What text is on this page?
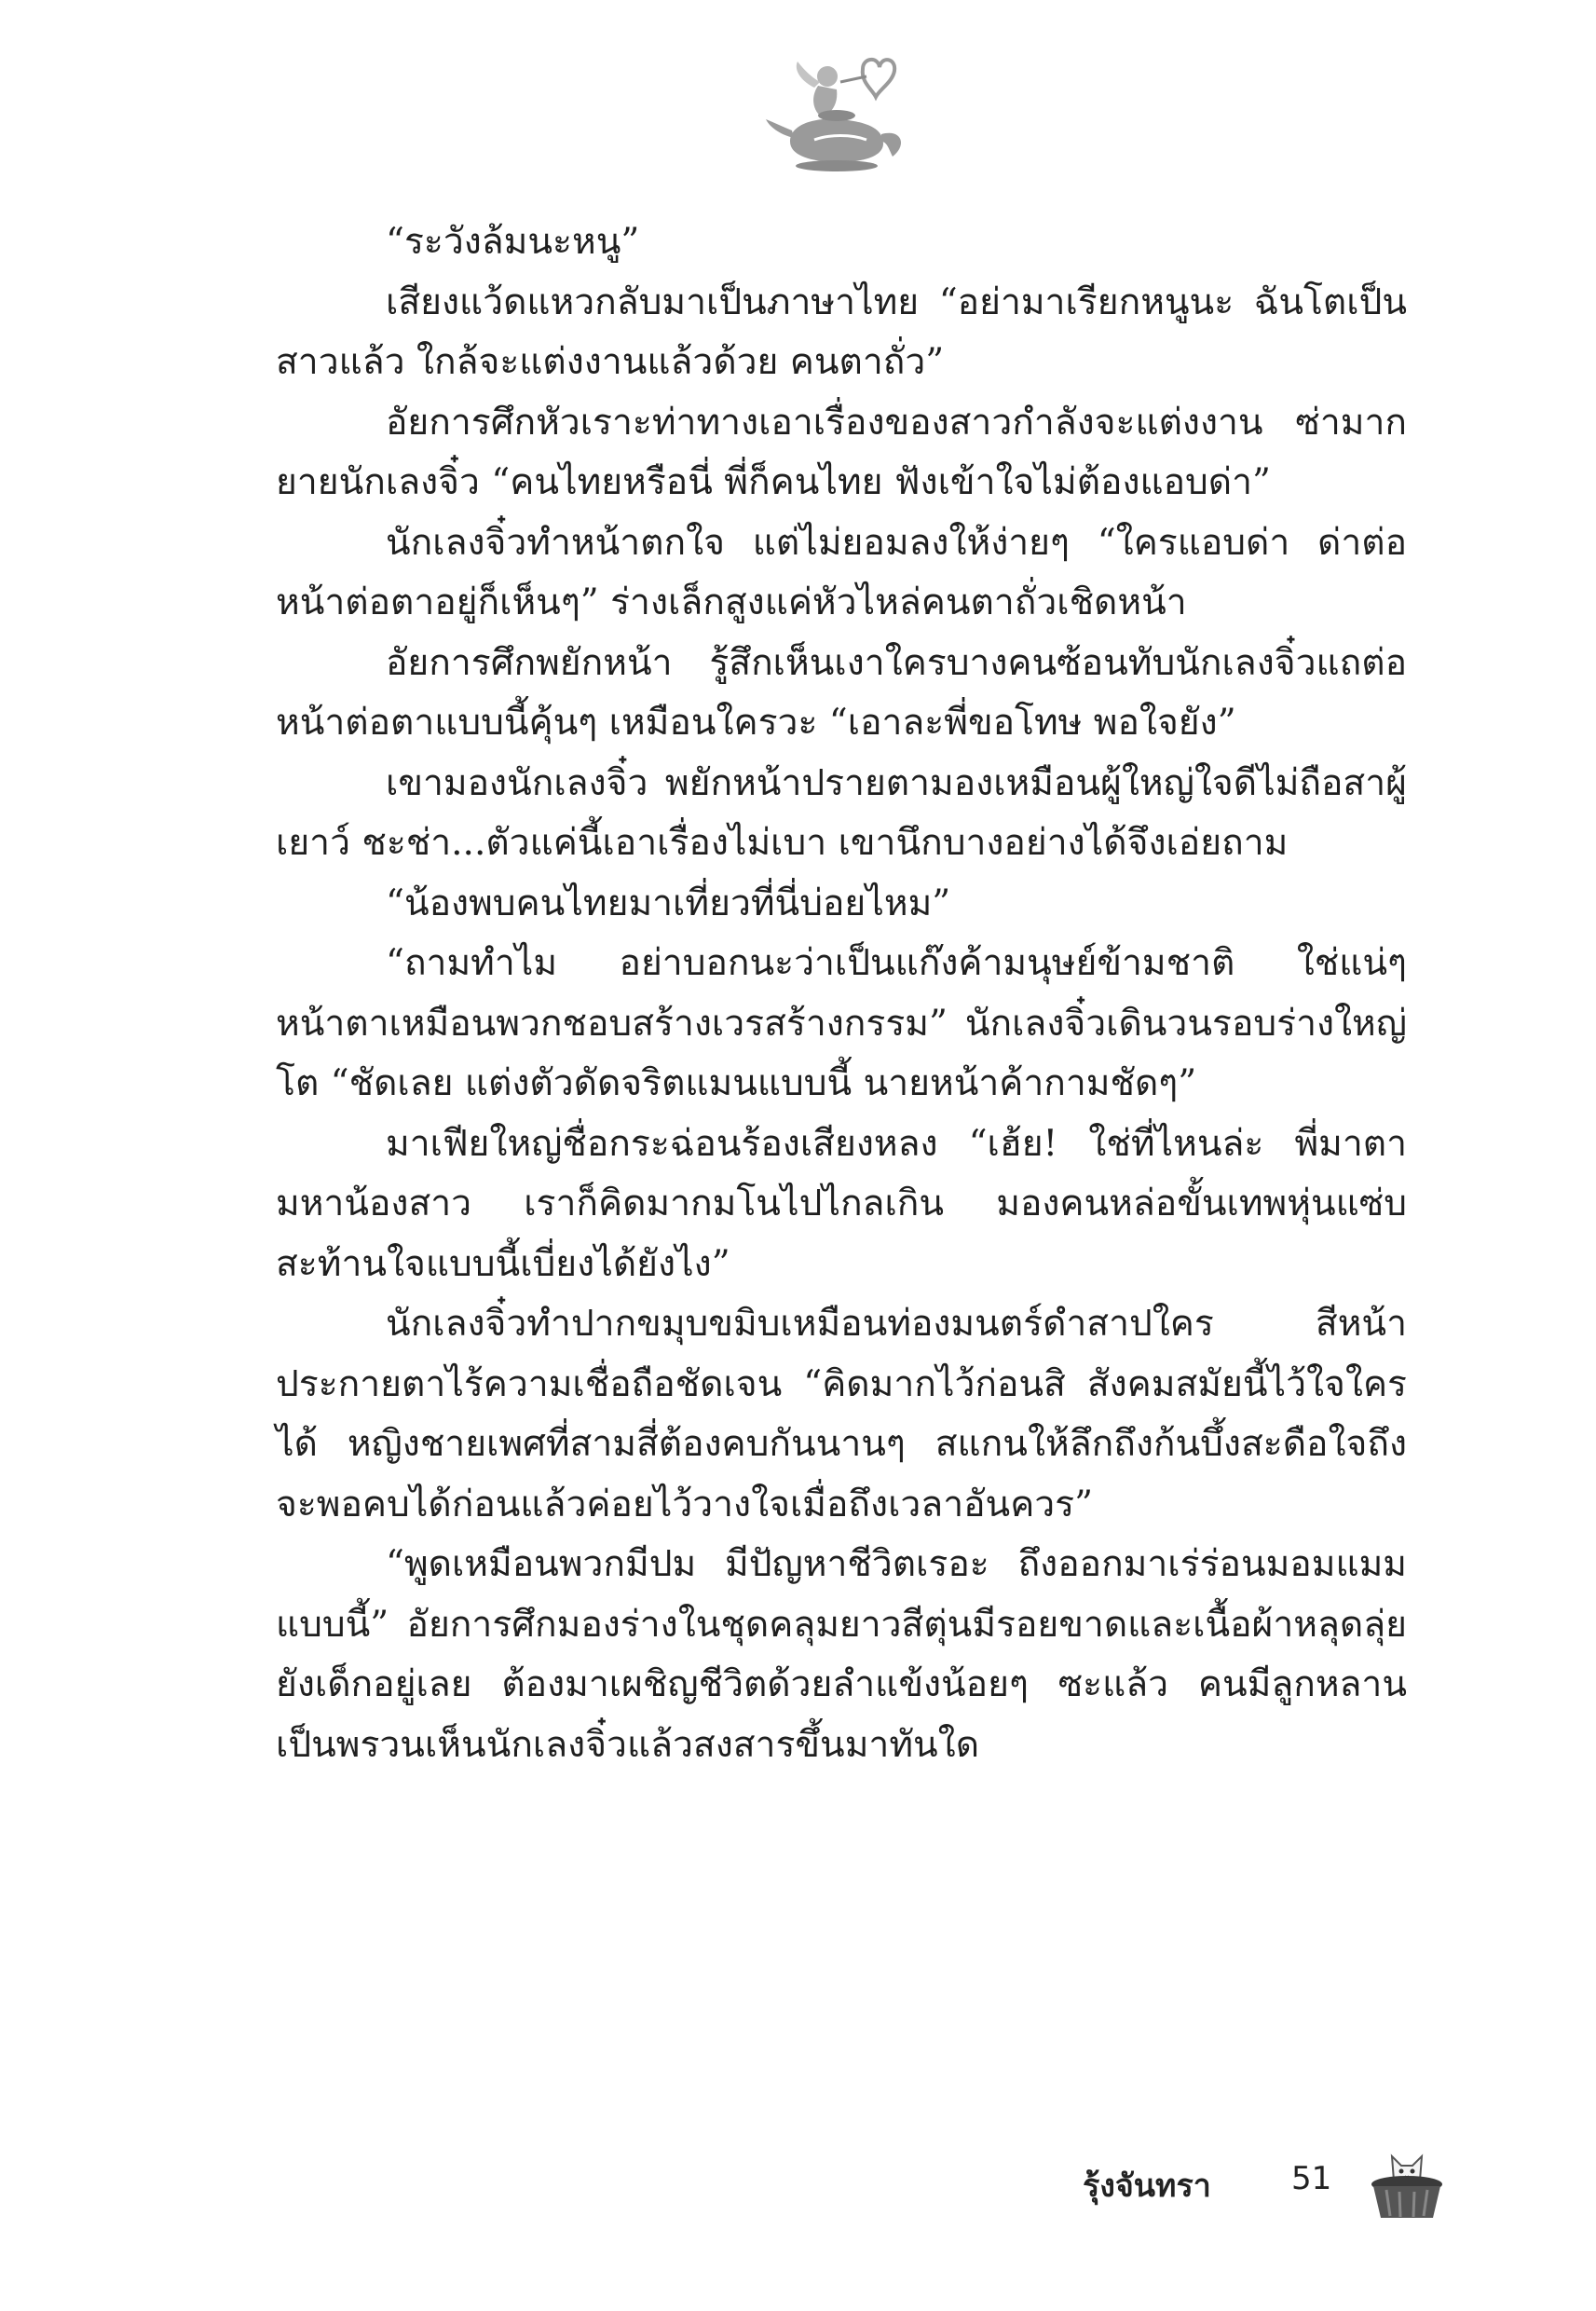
“ระวังล้มนะหนู”

เสียงแว้ดแหวกลับมาเป็นภาษาไทย “อย่ามาเรียกหนูนะ ฉันโตเป็นสาวแล้ว ใกล้จะแต่งงานแล้วด้วย คนตาถั่ว”

อัยการศึกหัวเราะท่าทางเอาเรื่องของสาวกำลังจะแต่งงาน ซ่ามากยายนักเลงจิ๋ว “คนไทยหรือนี่ พี่ก็คนไทย ฟังเข้าใจไม่ต้องแอบด่า”

นักเลงจิ๋วทำหน้าตกใจ แต่ไม่ยอมลงให้ง่ายๆ “ใครแอบด่า ด่าต่อหน้าต่อตาอยู่ก็เห็นๆ” ร่างเล็กสูงแค่หัวไหล่คนตาถั่วเชิดหน้า

อัยการศึกพยักหน้า รู้สึกเห็นเงาใครบางคนซ้อนทับนักเลงจิ๋วแถต่อหน้าต่อตาแบบนี้คุ้นๆ เหมือนใครวะ “เอาละพี่ขอโทษ พอใจยัง”

เขามองนักเลงจิ๋ว พยักหน้าปรายตามองเหมือนผู้ใหญ่ใจดีไม่ถือสาผู้เยาว์ ชะช่า...ตัวแค่นี้เอาเรื่องไม่เบา เขานึกบางอย่างได้จึงเอ่ยถาม

“น้องพบคนไทยมาเที่ยวที่นี่บ่อยไหม”

“ถามทำไม อย่าบอกนะว่าเป็นแก๊งค้ามนุษย์ข้ามชาติ ใช่แน่ๆ หน้าตาเหมือนพวกชอบสร้างเวรสร้างกรรม” นักเลงจิ๋วเดินวนรอบร่างใหญ่โต “ชัดเลย แต่งตัวดัดจริตแมนแบบนี้ นายหน้าค้ากามชัดๆ”

มาเฟียใหญ่ชื่อกระฉ่อนร้องเสียงหลง “เฮ้ย! ใช่ที่ไหนล่ะ พี่มาตามหาน้องสาว เราก็คิดมากมโนไปไกลเกิน มองคนหล่อขั้นเทพหุ่นแซ่บสะท้านใจแบบนี้เบี่ยงได้ยังไง”

นักเลงจิ๋วทำปากขมุบขมิบเหมือนท่องมนตร์ดำสาปใคร สีหน้าประกายตาไร้ความเชื่อถือชัดเจน “คิดมากไว้ก่อนสิ สังคมสมัยนี้ไว้ใจใครได้ หญิงชายเพศที่สามสี่ต้องคบกันนานๆ สแกนให้ลึกถึงก้นบึ้งสะดือใจถึงจะพอคบได้ก่อนแล้วค่อยไว้วางใจเมื่อถึงเวลาอันควร”

“พูดเหมือนพวกมีปม มีปัญหาชีวิตเรอะ ถึงออกมาเร่ร่อนมอมแมมแบบนี้” อัยการศึกมองร่างในชุดคลุมยาวสีตุ่นมีรอยขาดและเนื้อผ้าหลุดลุ่ย ยังเด็กอยู่เลย ต้องมาเผชิญชีวิตด้วยลำแข้งน้อยๆ ซะแล้ว คนมีลูกหลานเป็นพรวนเห็นนักเลงจิ๋วแล้วสงสารขึ้นมาทันใด

รุ้งจันทรา	51
